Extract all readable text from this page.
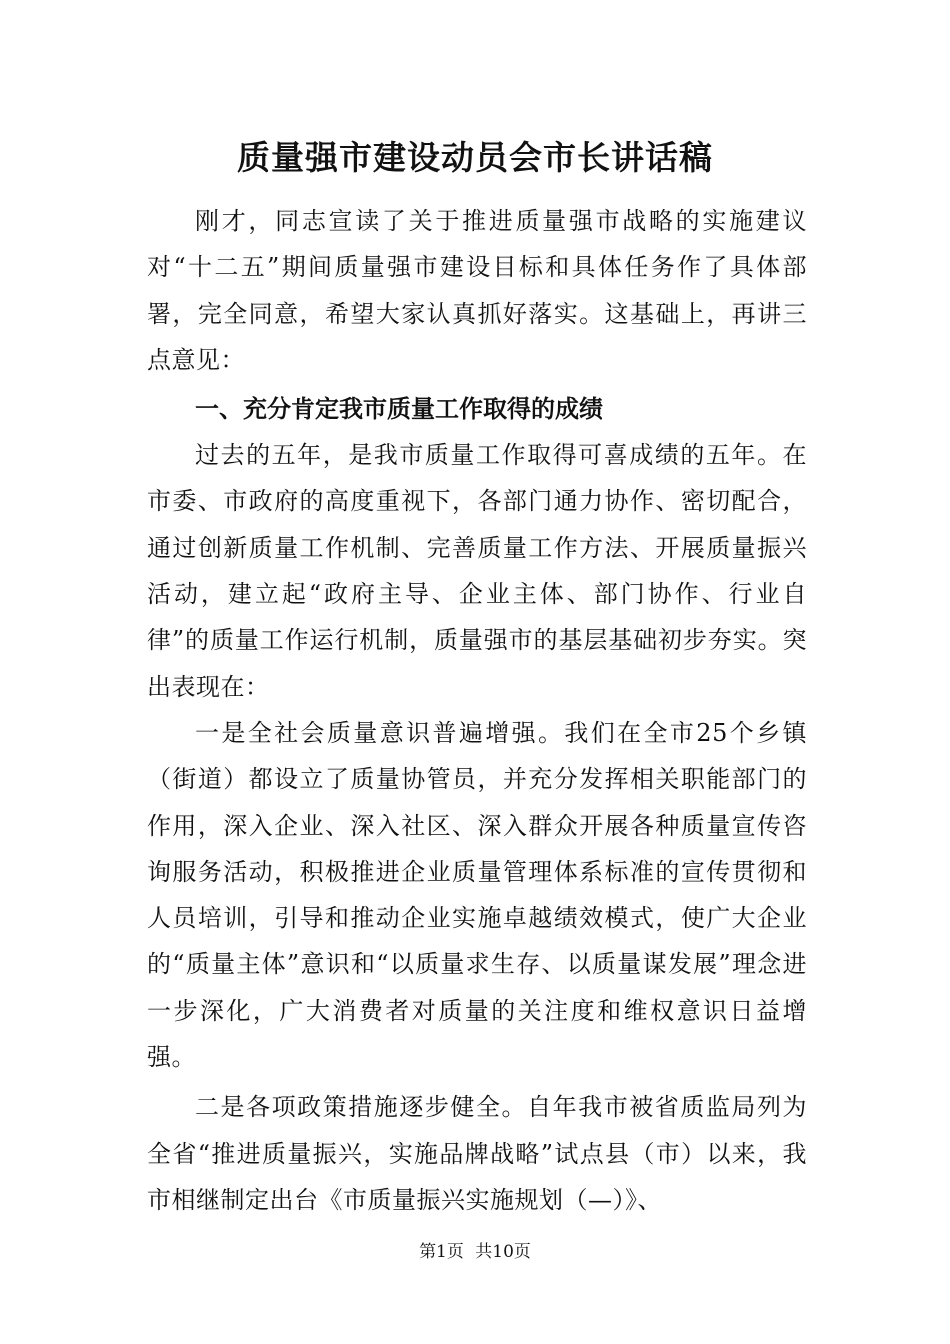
质量强市建设动员会市长讲话稿

刚才，同志宣读了关于推进质量强市战略的实施建议对“十二五”期间质量强市建设目标和具体任务作了具体部署，完全同意，希望大家认真抓好落实。这基础上，再讲三点意见：

一、充分肯定我市质量工作取得的成绩

过去的五年，是我市质量工作取得可喜成绩的五年。在市委、市政府的高度重视下，各部门通力协作、密切配合，通过创新质量工作机制、完善质量工作方法、开展质量振兴活动，建立起“政府主导、企业主体、部门协作、行业自律”的质量工作运行机制，质量强市的基层基础初步夯实。突出表现在：

一是全社会质量意识普遍增强。我们在全市25个乡镇（街道）都设立了质量协管员，并充分发挥相关职能部门的作用，深入企业、深入社区、深入群众开展各种质量宣传咨询服务活动，积极推进企业质量管理体系标准的宣传贯彻和人员培训，引导和推动企业实施卓越绩效模式，使广大企业的“质量主体”意识和“以质量求生存、以质量谋发展”理念进一步深化，广大消费者对质量的关注度和维权意识日益增强。

二是各项政策措施逐步健全。自年我市被省质监局列为全省“推进质量振兴，实施品牌战略”试点县（市）以来，我市相继制定出台《市质量振兴实施规划（—）》、

第1页 共10页
